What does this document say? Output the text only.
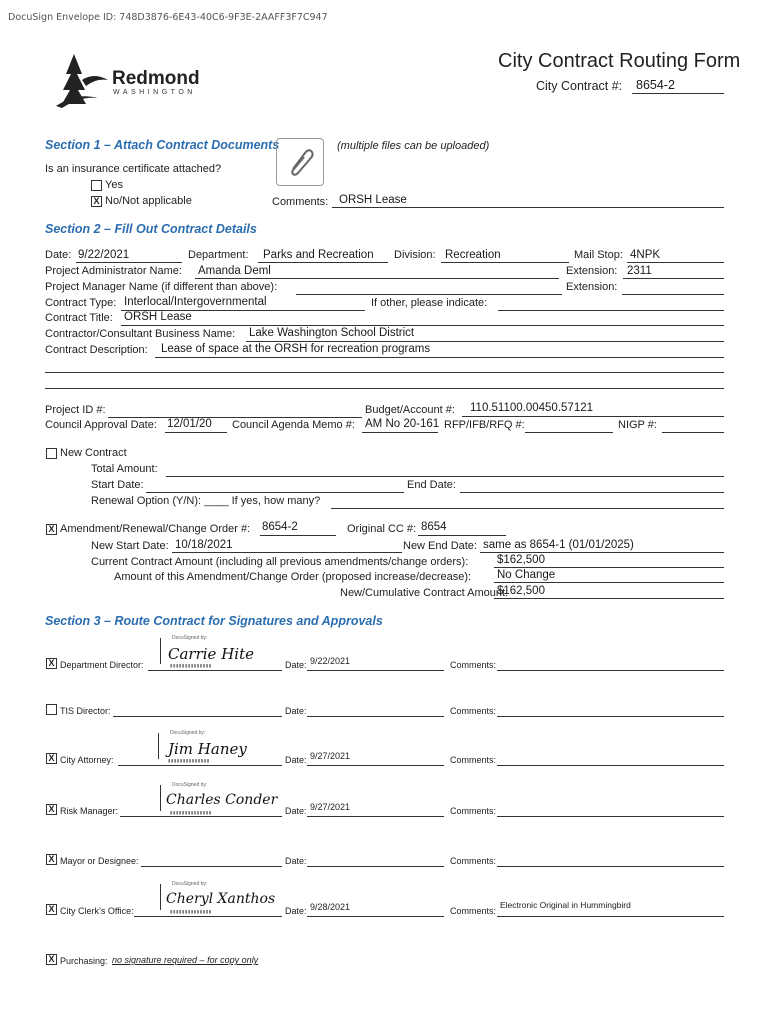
DocuSign Envelope ID: 748D3876-6E43-40C6-9F3E-2AAFF3F7C947
Redmond
WASHINGTON
City Contract Routing Form
City Contract #: 8654-2
Section 1 – Attach Contract Documents	(multiple files can be uploaded)
Is an insurance certificate attached?
Yes
X No/Not applicable	Comments: ORSH Lease
Section 2 – Fill Out Contract Details
Date: 9/22/2021	Department: Parks and Recreation Division: Recreation	Mail Stop: 4NPK
Project Administrator Name: Amanda Deml	Extension: 2311
Project Manager Name (if different than above):	Extension:
Contract Type: Interlocal/Intergovernmental	If other, please indicate:
Contract Title: ORSH Lease
Contractor/Consultant Business Name: Lake Washington School District
Contract Description: Lease of space at the ORSH for recreation programs
Project ID #:	Budget/Account #: 110.51100.00450.57121
Council Approval Date: 12/01/20 Council Agenda Memo #: AM No 20-161 RFP/IFB/RFQ #:	NIGP #:
New Contract
Total Amount:
Start Date:	End Date:
Renewal Option (Y/N): ____ If yes, how many?
X Amendment/Renewal/Change Order #: 8654-2	Original CC #: 8654
New Start Date: 10/18/2021	New End Date: same as 8654-1 (01/01/2025)
Current Contract Amount (including all previous amendments/change orders):	$162,500
Amount of this Amendment/Change Order (proposed increase/decrease): No Change
New/Cumulative Contract Amount:
$162,500
Section 3 – Route Contract for Signatures and Approvals
X Department Director:
DocuSigned by:
Carrie Hite
▮▮▮▮▮▮▮▮▮▮▮▮▮▮	Date: 9/22/2021	Comments:
TIS Director:	Date:	Comments:
X City Attorney:
DocuSigned by:
Jim Haney
▮▮▮▮▮▮▮▮▮▮▮▮▮▮	Date: 9/27/2021	Comments:
X Risk Manager:
DocuSigned by:
Charles Conder
▮▮▮▮▮▮▮▮▮▮▮▮▮▮	Date: 9/27/2021	Comments:
X Mayor or Designee:	Date:	Comments:
X City Clerk’s Office:
DocuSigned by:
Cheryl Xanthos
▮▮▮▮▮▮▮▮▮▮▮▮▮▮	Date: 9/28/2021	Comments:
Electronic Original in Hummingbird
X Purchasing: no signature required – for copy only
